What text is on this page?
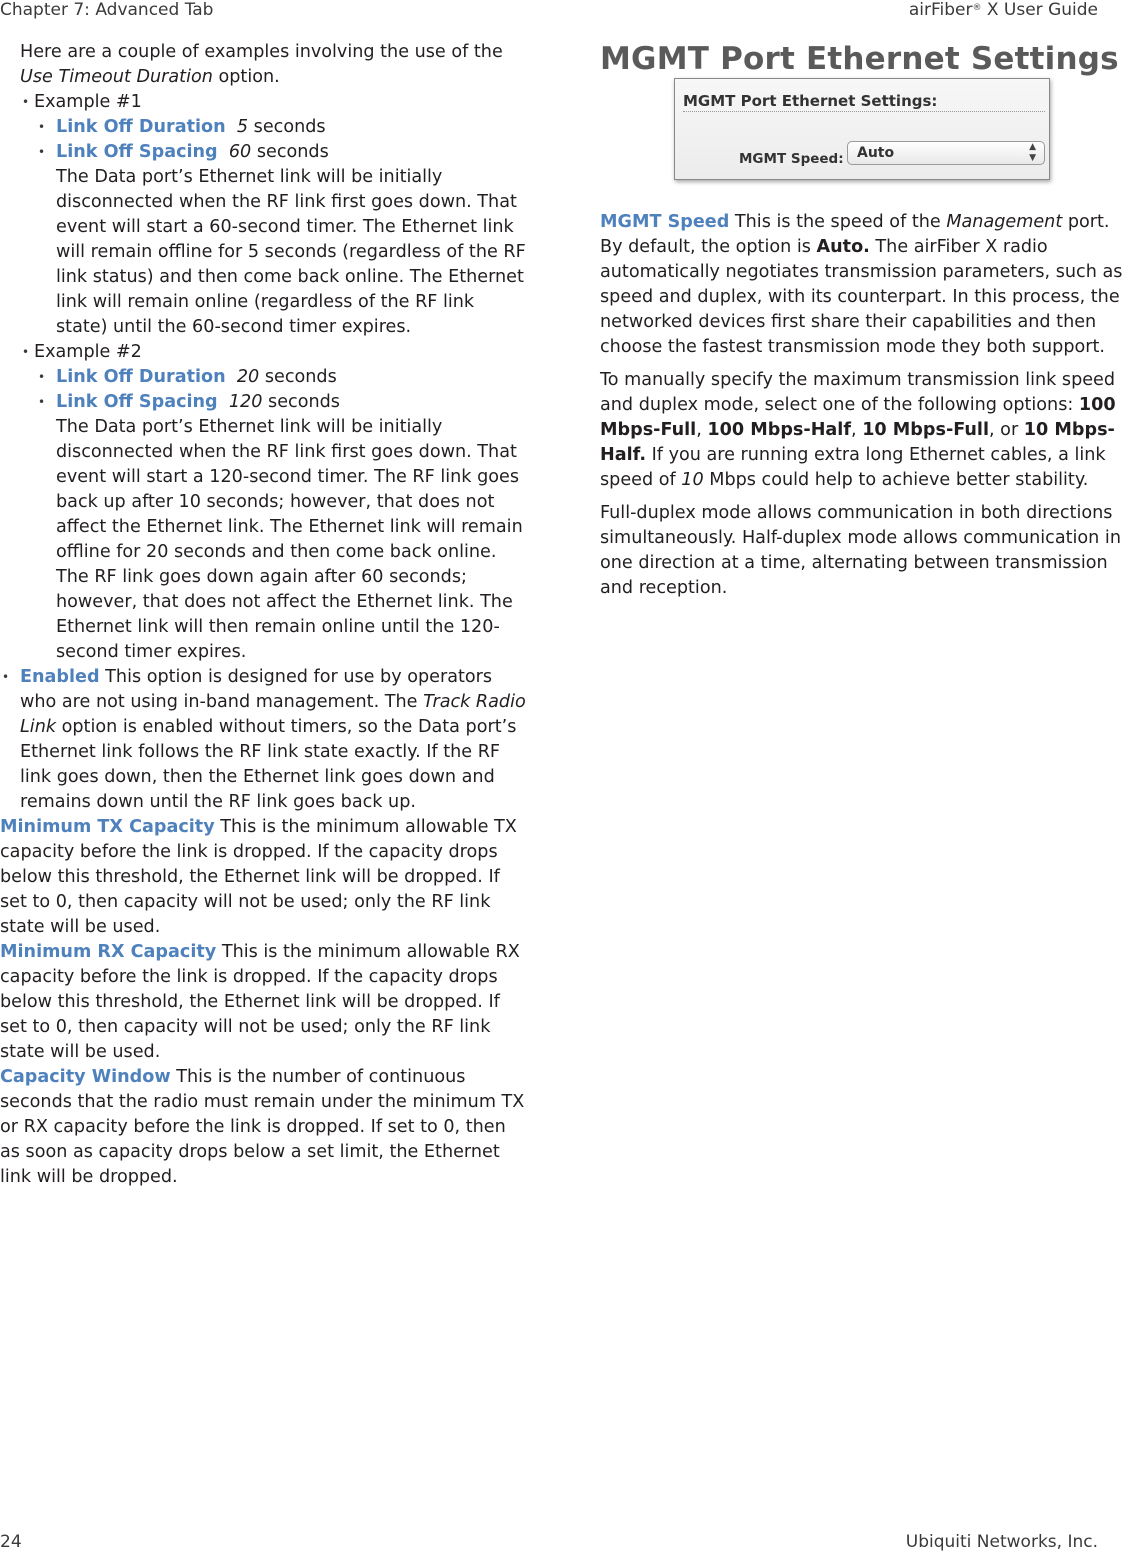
Chapter 7: Advanced Tab	airFiber® X User Guide

Here are a couple of examples involving the use of the Use Timeout Duration option.

• Example #1

• Link Off Duration 5 seconds

• Link Off Spacing 60 seconds

The Data port’s Ethernet link will be initially disconnected when the RF link first goes down. That event will start a 60-second timer. The Ethernet link will remain offline for 5 seconds (regardless of the RF link status) and then come back online. The Ethernet link will remain online (regardless of the RF link state) until the 60-second timer expires.

• Example #2

• Link Off Duration 20 seconds

• Link Off Spacing 120 seconds

The Data port’s Ethernet link will be initially disconnected when the RF link first goes down. That event will start a 120-second timer. The RF link goes back up after 10 seconds; however, that does not affect the Ethernet link. The Ethernet link will remain offline for 20 seconds and then come back online. The RF link goes down again after 60 seconds; however, that does not affect the Ethernet link. The Ethernet link will then remain online until the 120-second timer expires.

• Enabled This option is designed for use by operators who are not using in-band management. The Track Radio Link option is enabled without timers, so the Data port’s Ethernet link follows the RF link state exactly. If the RF link goes down, then the Ethernet link goes down and remains down until the RF link goes back up.

Minimum TX Capacity This is the minimum allowable TX capacity before the link is dropped. If the capacity drops below this threshold, the Ethernet link will be dropped. If set to 0, then capacity will not be used; only the RF link state will be used.

Minimum RX Capacity This is the minimum allowable RX capacity before the link is dropped. If the capacity drops below this threshold, the Ethernet link will be dropped. If set to 0, then capacity will not be used; only the RF link state will be used.

Capacity Window This is the number of continuous seconds that the radio must remain under the minimum TX or RX capacity before the link is dropped. If set to 0, then as soon as capacity drops below a set limit, the Ethernet link will be dropped.

MGMT Port Ethernet Settings

MGMT Port Ethernet Settings:
MGMT Speed: Auto	▲
▼

MGMT Speed This is the speed of the Management port. By default, the option is Auto. The airFiber X radio automatically negotiates transmission parameters, such as speed and duplex, with its counterpart. In this process, the networked devices first share their capabilities and then choose the fastest transmission mode they both support.

To manually specify the maximum transmission link speed and duplex mode, select one of the following options: 100 Mbps-Full, 100 Mbps-Half, 10 Mbps-Full, or 10 Mbps-Half. If you are running extra long Ethernet cables, a link speed of 10 Mbps could help to achieve better stability.

Full-duplex mode allows communication in both directions simultaneously. Half-duplex mode allows communication in one direction at a time, alternating between transmission and reception.

24	Ubiquiti Networks, Inc.
